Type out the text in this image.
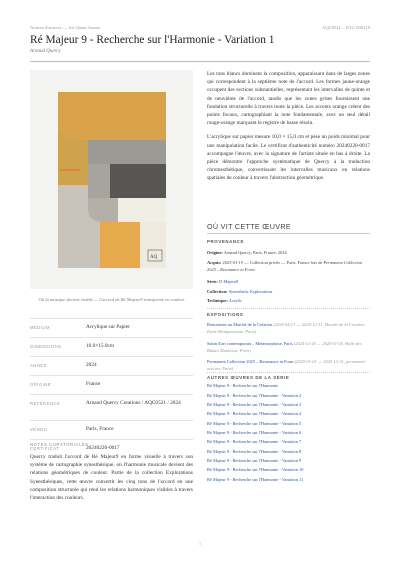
Notices d'œuvres — Art Quant Animo	AQC0521 – NTC-000219
Ré Majeur 9 - Recherche sur l'Harmonie - Variation 1
Arnaud Quercy
AQ
Où la musique devient visible — l'accord de Ré Majeur9 transformé en couleur
MÉDIUM	Acrylique sur Papier
DIMENSIONS	10.0×15.0cm
ANNÉE	2024
ORIGINE	France
RÉFÉRENCE	Arnaud Quercy Creations / AQC0521 / 2024
VENDU	Paris, France
CERTIFICAT	20240220-0017
NOTES CURATORIALES
Quercy traduit l'accord de Ré Majeur9 en forme visuelle à travers son système de cartographie synesthésique, où l'harmonie musicale devient des relations géométriques de couleur. Partie de la collection Explorations Synesthésiques, cette œuvre convertit les cinq tons de l'accord en une composition structurée qui rend les relations harmoniques visibles à travers l'interaction des couleurs.

Les tons blancs dominent la composition, apparaissant dans de larges zones qui correspondent à la septième note de l'accord. Les formes jaune-orange occupent des sections substantielles, représentant les intervalles de quinte et de neuvième de l'accord, tandis que les zones grises fournissent une fondation structurelle à travers toute la pièce. Les accents orange créent des points focaux, cartographiant la note fondamentale, avec un seul détail rouge-orange marquant le registre de basse résolu.

L'acrylique sur papier mesure 10,0 × 15,0 cm et pèse un poids minimal pour une manipulation facile. Le certificat d'authenticité numéro 20240220-0017 accompagne l'œuvre, avec la signature de l'artiste située en bas à droite. La pièce démontre l'approche systématique de Quercy à la traduction chromesthétique, convertissant les intervalles musicaux en relations spatiales de couleur à travers l'abstraction géométrique.

OÙ VIT CETTE ŒUVRE
PROVENANCE
Origine: Arnaud Quercy, Paris, France, 2024
Acquis: 2025-01-19 — Collection privée — Paris, France lors de Permanent Collection 2025 – Resonance in Form
Série: D Majeur9
Collection: Synesthetic Explorations
Technique: Acrylic
EXPOSITIONS
Rencontres au Marché de la Création (2024-04-21 → 2024-12-31, Marché de la Création Paris-Montparnasse, Paris)
Salon d'art contemporain – Metamorphose, Paris (2024-12-26 → 2025-01-05, Halle des Blancs Manteaux, Paris)
Permanent Collection 2025 – Resonance in Form (2025-01-01 → 2025-12-31, permanent-arts.art, Paris)
AUTRES ŒUVRES DE LA SÉRIE
Ré Majeur 9 - Recherche sur l'Harmonie
Ré Majeur 9 - Recherche sur l'Harmonie - Variation 2
Ré Majeur 9 - Recherche sur l'Harmonie - Variation 3
Ré Majeur 9 - Recherche sur l'Harmonie - Variation 4
Ré Majeur 9 - Recherche sur l'Harmonie - Variation 5
Ré Majeur 9 - Recherche sur l'Harmonie - Variation 6
Ré Majeur 9 - Recherche sur l'Harmonie - Variation 7
Ré Majeur 9 - Recherche sur l'Harmonie - Variation 8
Ré Majeur 9 - Recherche sur l'Harmonie - Variation 9
Ré Majeur 9 - Recherche sur l'Harmonie - Variation 10
Ré Majeur 9 - Recherche sur l'Harmonie - Variation 11
1
